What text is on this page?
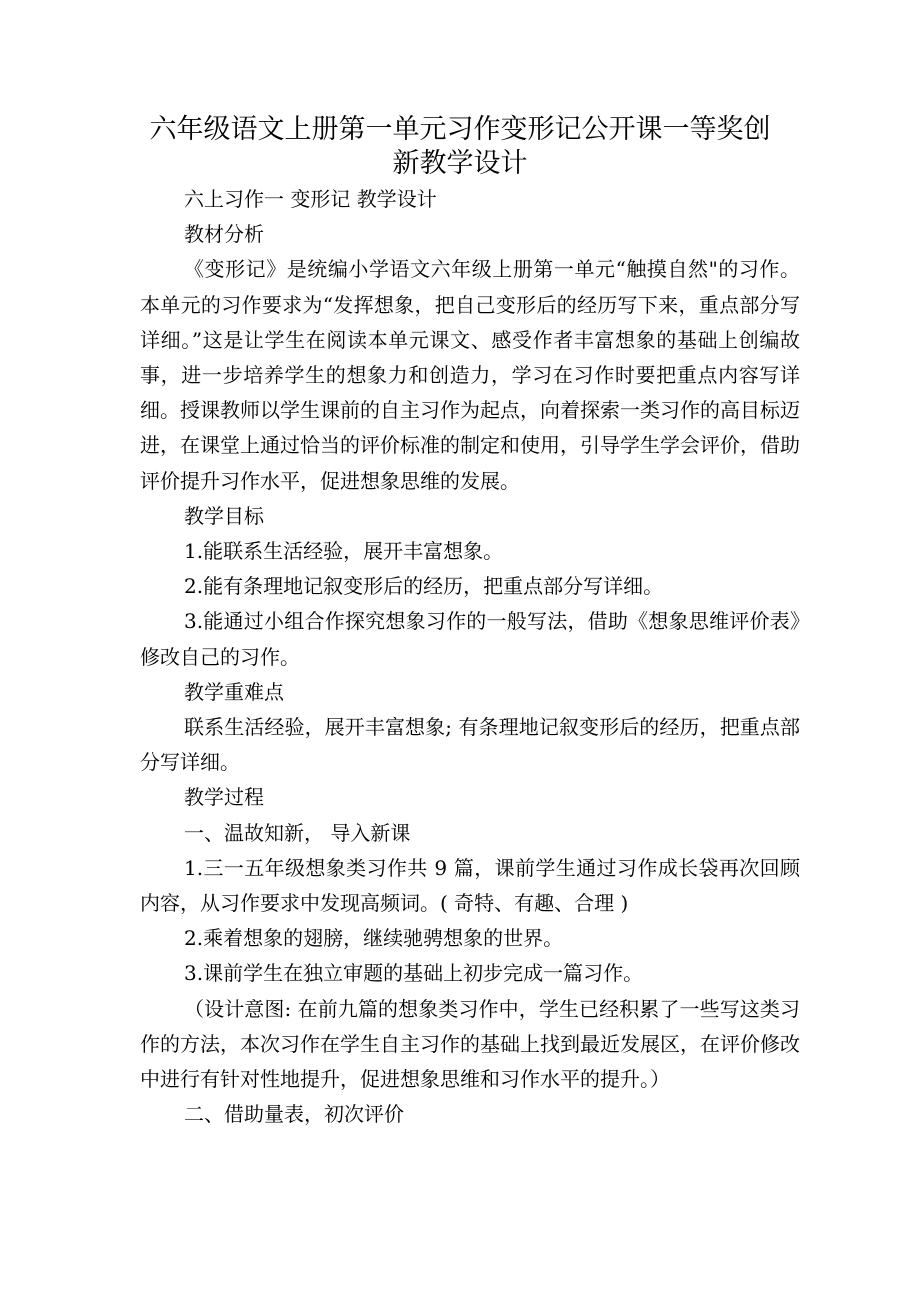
六年级语文上册第一单元习作变形记公开课一等奖创
新教学设计

六上习作一 变形记 教学设计

教材分析

《变形记》是统编小学语文六年级上册第一单元“触摸自然"的习作。本单元的习作要求为“发挥想象，把自己变形后的经历写下来，重点部分写详细。”这是让学生在阅读本单元课文、感受作者丰富想象的基础上创编故事，进一步培养学生的想象力和创造力，学习在习作时要把重点内容写详细。授课教师以学生课前的自主习作为起点，向着探索一类习作的高目标迈进，在课堂上通过恰当的评价标准的制定和使用，引导学生学会评价，借助评价提升习作水平，促进想象思维的发展。

教学目标

1.能联系生活经验，展开丰富想象。

2.能有条理地记叙变形后的经历，把重点部分写详细。

3.能通过小组合作探究想象习作的一般写法，借助《想象思维评价表》修改自己的习作。

教学重难点

联系生活经验，展开丰富想象; 有条理地记叙变形后的经历，把重点部分写详细。

教学过程

一、温故知新， 导入新课

1.三一五年级想象类习作共 9 篇，课前学生通过习作成长袋再次回顾内容，从习作要求中发现高频词。( 奇特、有趣、合理 )

2.乘着想象的翅膀，继续驰骋想象的世界。

3.课前学生在独立审题的基础上初步完成一篇习作。

（设计意图: 在前九篇的想象类习作中，学生已经积累了一些写这类习作的方法，本次习作在学生自主习作的基础上找到最近发展区，在评价修改中进行有针对性地提升，促进想象思维和习作水平的提升。）

二、借助量表，初次评价
